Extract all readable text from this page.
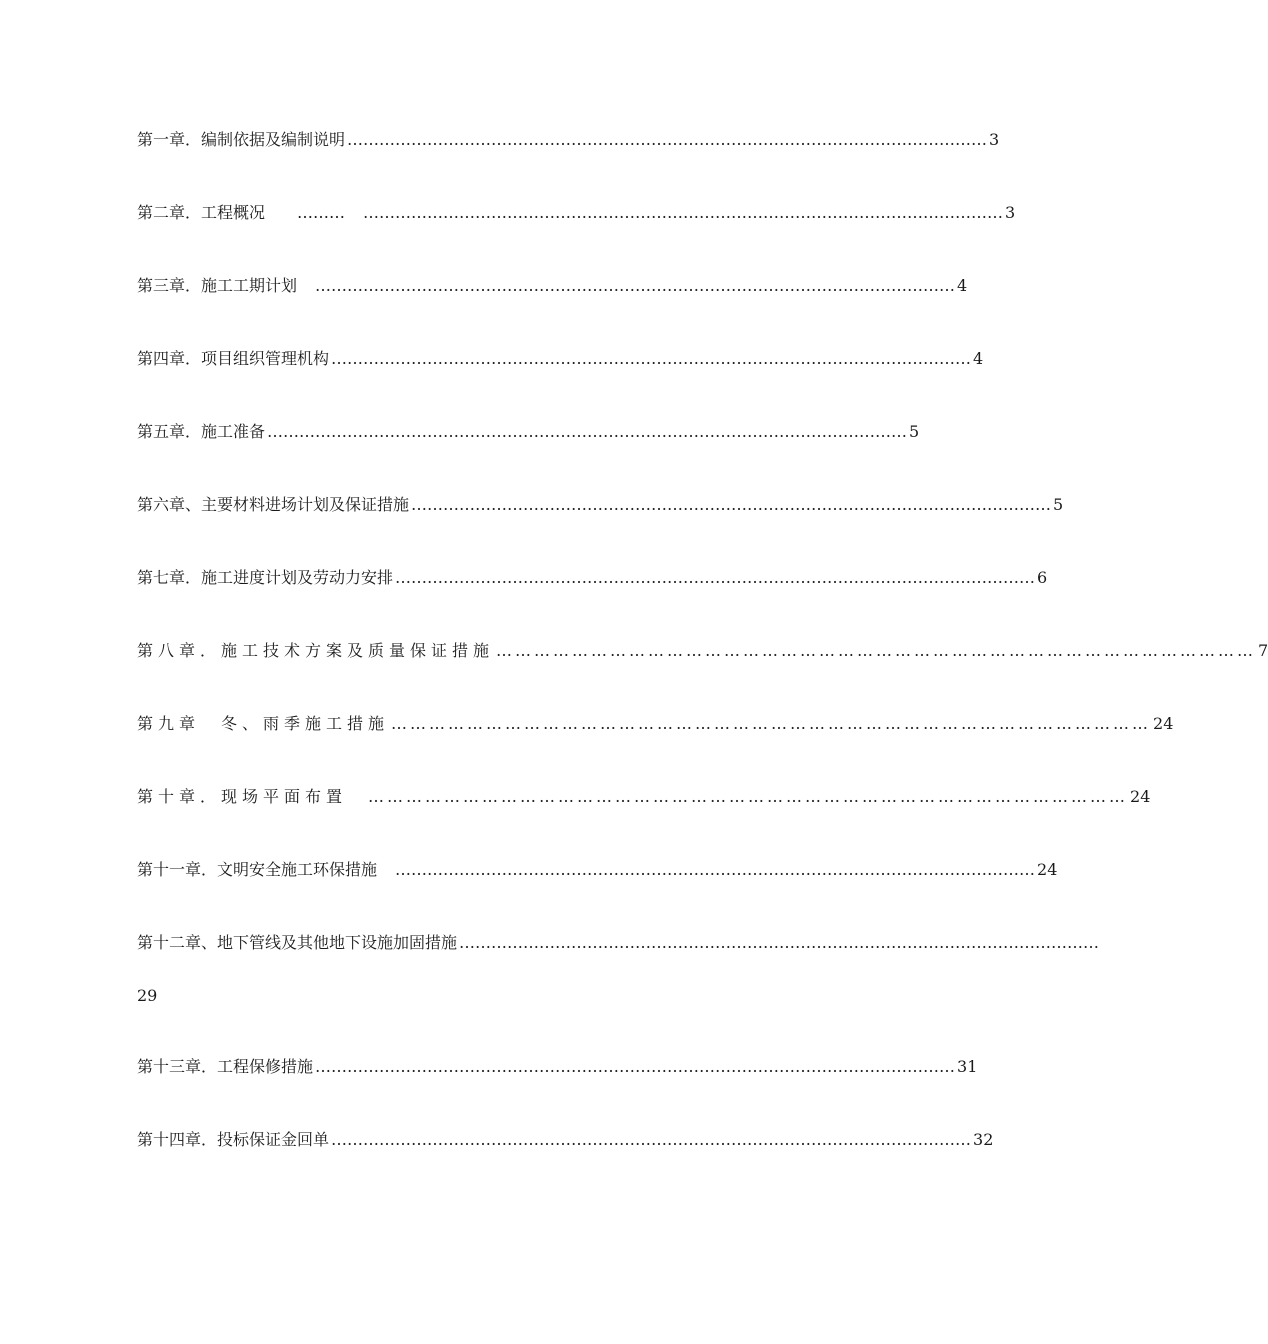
第一章．编制依据及编制说明 ………………………………………………………………………………………………………… 3
第二章．工程概况　　……… 　………………………………………………………………………………………………………… 3
第三章．施工工期计划 　………………………………………………………………………………………………………… 4
第四章．项目组织管理机构 ………………………………………………………………………………………………………… 4
第五章．施工准备 ………………………………………………………………………………………………………… 5
第六章、主要材料进场计划及保证措施 ………………………………………………………………………………………………………… 5
第七章．施工进度计划及劳动力安排 ………………………………………………………………………………………………………… 6
第八章．施工技术方案及质量保证措施 ………………………………………………………………………………………………………… 7
第九章　冬、雨季施工措施 ………………………………………………………………………………………………………… 24
第十章．现场平面布置 　………………………………………………………………………………………………………… 24
第十一章．文明安全施工环保措施 　………………………………………………………………………………………………………… 24
第十二章、地下管线及其他地下设施加固措施 …………………………………………………………………………………………………………
29
第十三章．工程保修措施 ………………………………………………………………………………………………………… 31
第十四章．投标保证金回单 ………………………………………………………………………………………………………… 32
